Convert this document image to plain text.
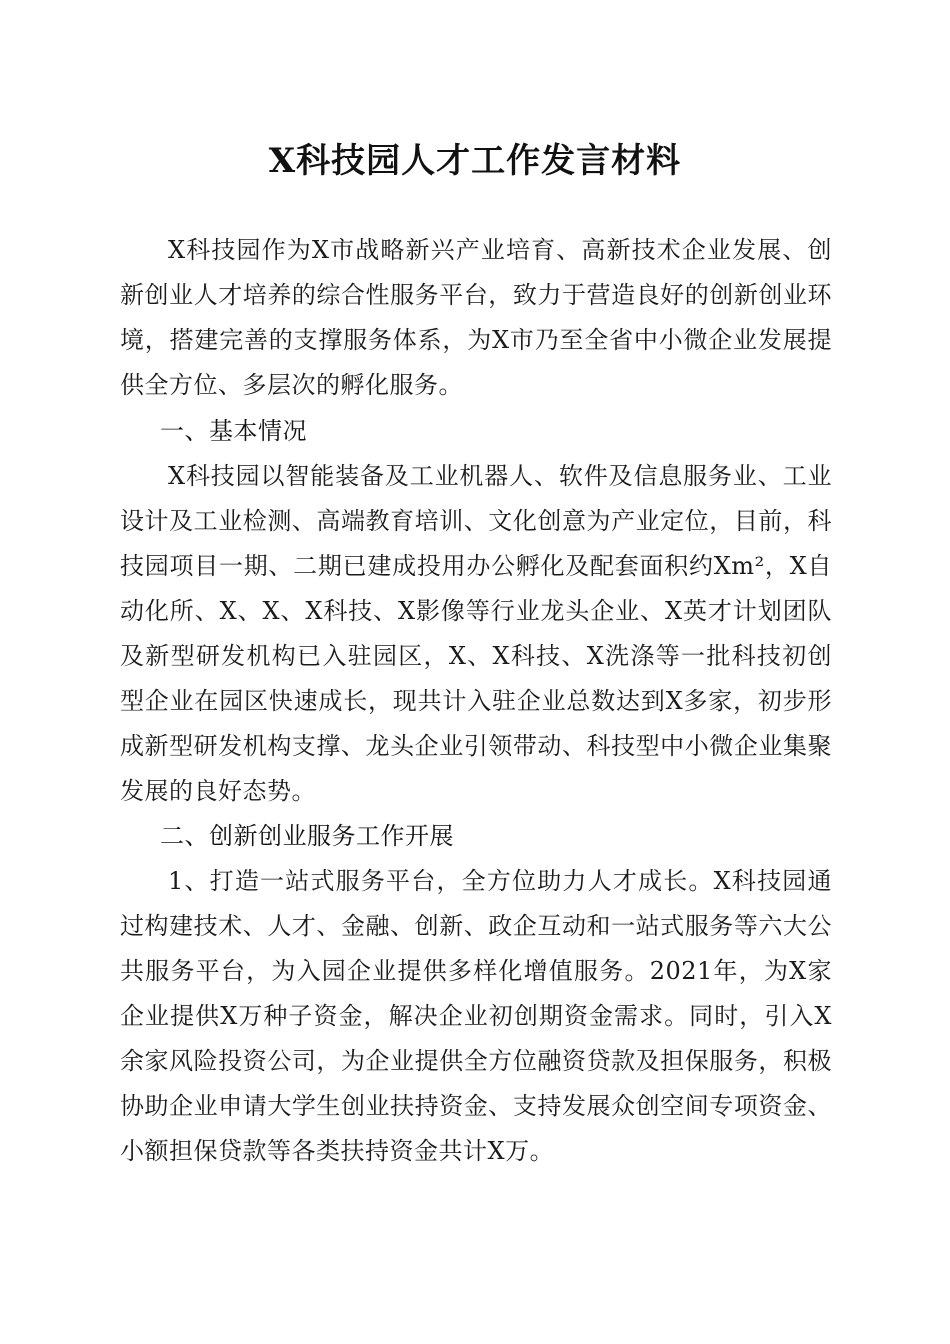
X科技园人才工作发言材料

X科技园作为X市战略新兴产业培育、高新技术企业发展、创新创业人才培养的综合性服务平台，致力于营造良好的创新创业环境，搭建完善的支撑服务体系，为X市乃至全省中小微企业发展提供全方位、多层次的孵化服务。

一、基本情况

X科技园以智能装备及工业机器人、软件及信息服务业、工业设计及工业检测、高端教育培训、文化创意为产业定位，目前，科技园项目一期、二期已建成投用办公孵化及配套面积约Xm²，X自动化所、X、X、X科技、X影像等行业龙头企业、X英才计划团队及新型研发机构已入驻园区，X、X科技、X洗涤等一批科技初创型企业在园区快速成长，现共计入驻企业总数达到X多家，初步形成新型研发机构支撑、龙头企业引领带动、科技型中小微企业集聚发展的良好态势。

二、创新创业服务工作开展

1、打造一站式服务平台，全方位助力人才成长。X科技园通过构建技术、人才、金融、创新、政企互动和一站式服务等六大公共服务平台，为入园企业提供多样化增值服务。2021年，为X家企业提供X万种子资金，解决企业初创期资金需求。同时，引入X余家风险投资公司，为企业提供全方位融资贷款及担保服务，积极协助企业申请大学生创业扶持资金、支持发展众创空间专项资金、小额担保贷款等各类扶持资金共计X万。
